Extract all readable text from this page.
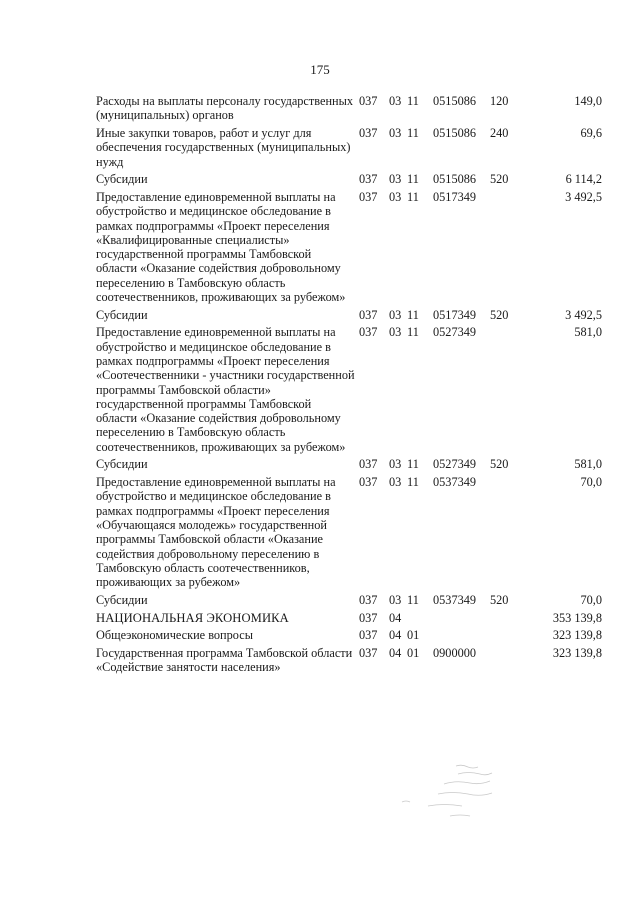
175
Расходы на выплаты персоналу государственных (муниципальных) органов
037 03 11	0515086	120	149,0
Иные закупки товаров, работ и услуг для обеспечения государственных (муниципальных) нужд
037 03 11	0515086	240	69,6
Субсидии	037 03 11	0515086	520	6 114,2
Предоставление единовременной выплаты на обустройство и медицинское обследование в рамках подпрограммы «Проект переселения «Квалифицированные специалисты» государственной программы Тамбовской области «Оказание содействия добровольному переселению в Тамбовскую область соотечественников, проживающих за рубежом»
037 03 11	0517349	3 492,5
Субсидии	037 03 11	0517349	520	3 492,5
Предоставление единовременной выплаты на обустройство и медицинское обследование в рамках подпрограммы «Проект переселения «Соотечественники - участники государственной программы Тамбовской области» государственной программы Тамбовской области «Оказание содействия добровольному переселению в Тамбовскую область соотечественников, проживающих за рубежом»
037 03 11	0527349	581,0
Субсидии	037 03 11	0527349	520	581,0
Предоставление единовременной выплаты на обустройство и медицинское обследование в рамках подпрограммы «Проект переселения «Обучающаяся молодежь» государственной программы Тамбовской области «Оказание содействия добровольному переселению в Тамбовскую область соотечественников, проживающих за рубежом»
037 03 11	0537349	70,0
Субсидии	037 03 11	0537349	520	70,0
НАЦИОНАЛЬНАЯ ЭКОНОМИКА	037 04	353 139,8
Общеэкономические вопросы	037 04 01	323 139,8
Государственная программа Тамбовской области «Содействие занятости населения»
037 04 01	0900000	323 139,8
